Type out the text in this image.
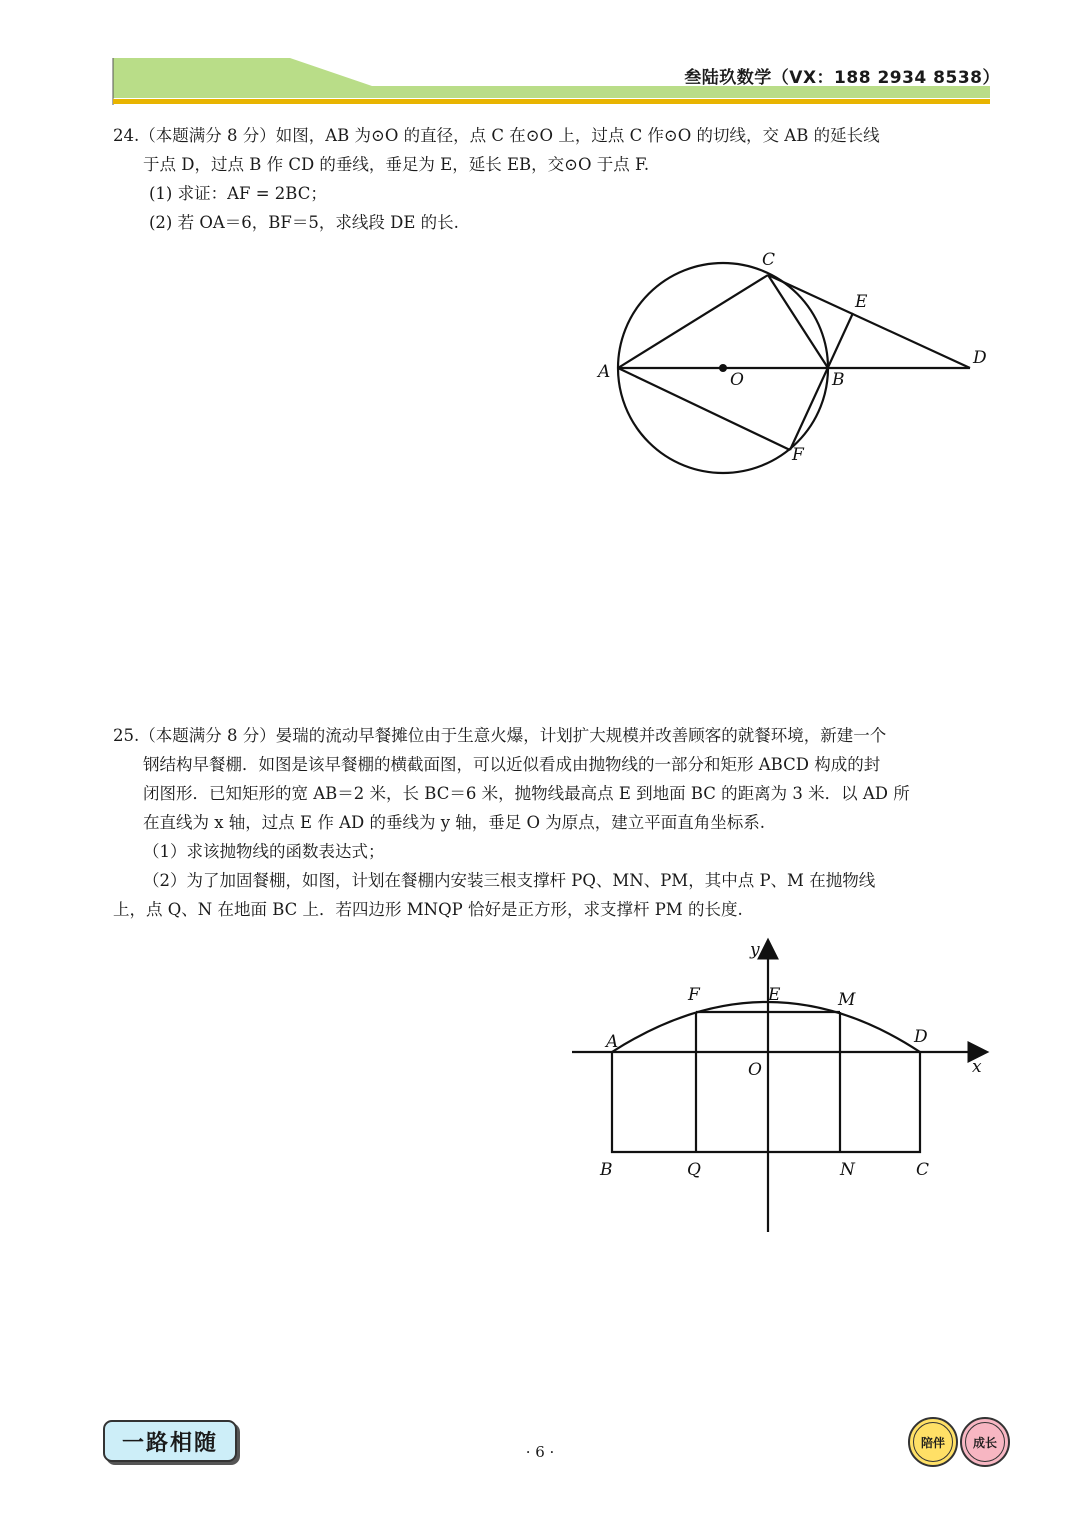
叁陆玖数学（VX：188 2934 8538）

24.（本题满分 8 分）如图，AB 为⊙O 的直径，点 C 在⊙O 上，过点 C 作⊙O 的切线，交 AB 的延长线

于点 D，过点 B 作 CD 的垂线，垂足为 E，延长 EB，交⊙O 于点 F.

(1) 求证：AF = 2BC；

(2) 若 OA＝6，BF＝5，求线段 DE 的长.

A	O	B
C
E
D
F

25.（本题满分 8 分）晏瑞的流动早餐摊位由于生意火爆，计划扩大规模并改善顾客的就餐环境，新建一个

钢结构早餐棚．如图是该早餐棚的横截面图，可以近似看成由抛物线的一部分和矩形 ABCD 构成的封

闭图形．已知矩形的宽 AB＝2 米，长 BC＝6 米，抛物线最高点 E 到地面 BC 的距离为 3 米．以 AD 所

在直线为 x 轴，过点 E 作 AD 的垂线为 y 轴，垂足 O 为原点，建立平面直角坐标系.

（1）求该抛物线的函数表达式；

（2）为了加固餐棚，如图，计划在餐棚内安装三根支撑杆 PQ、MN、PM，其中点 P、M 在抛物线

上，点 Q、N 在地面 BC 上．若四边形 MNQP 恰好是正方形，求支撑杆 PM 的长度.

y
x
O
A
B	C
D
E
F	M
Q	N
一路相随	· 6 ·
陪伴	成长
